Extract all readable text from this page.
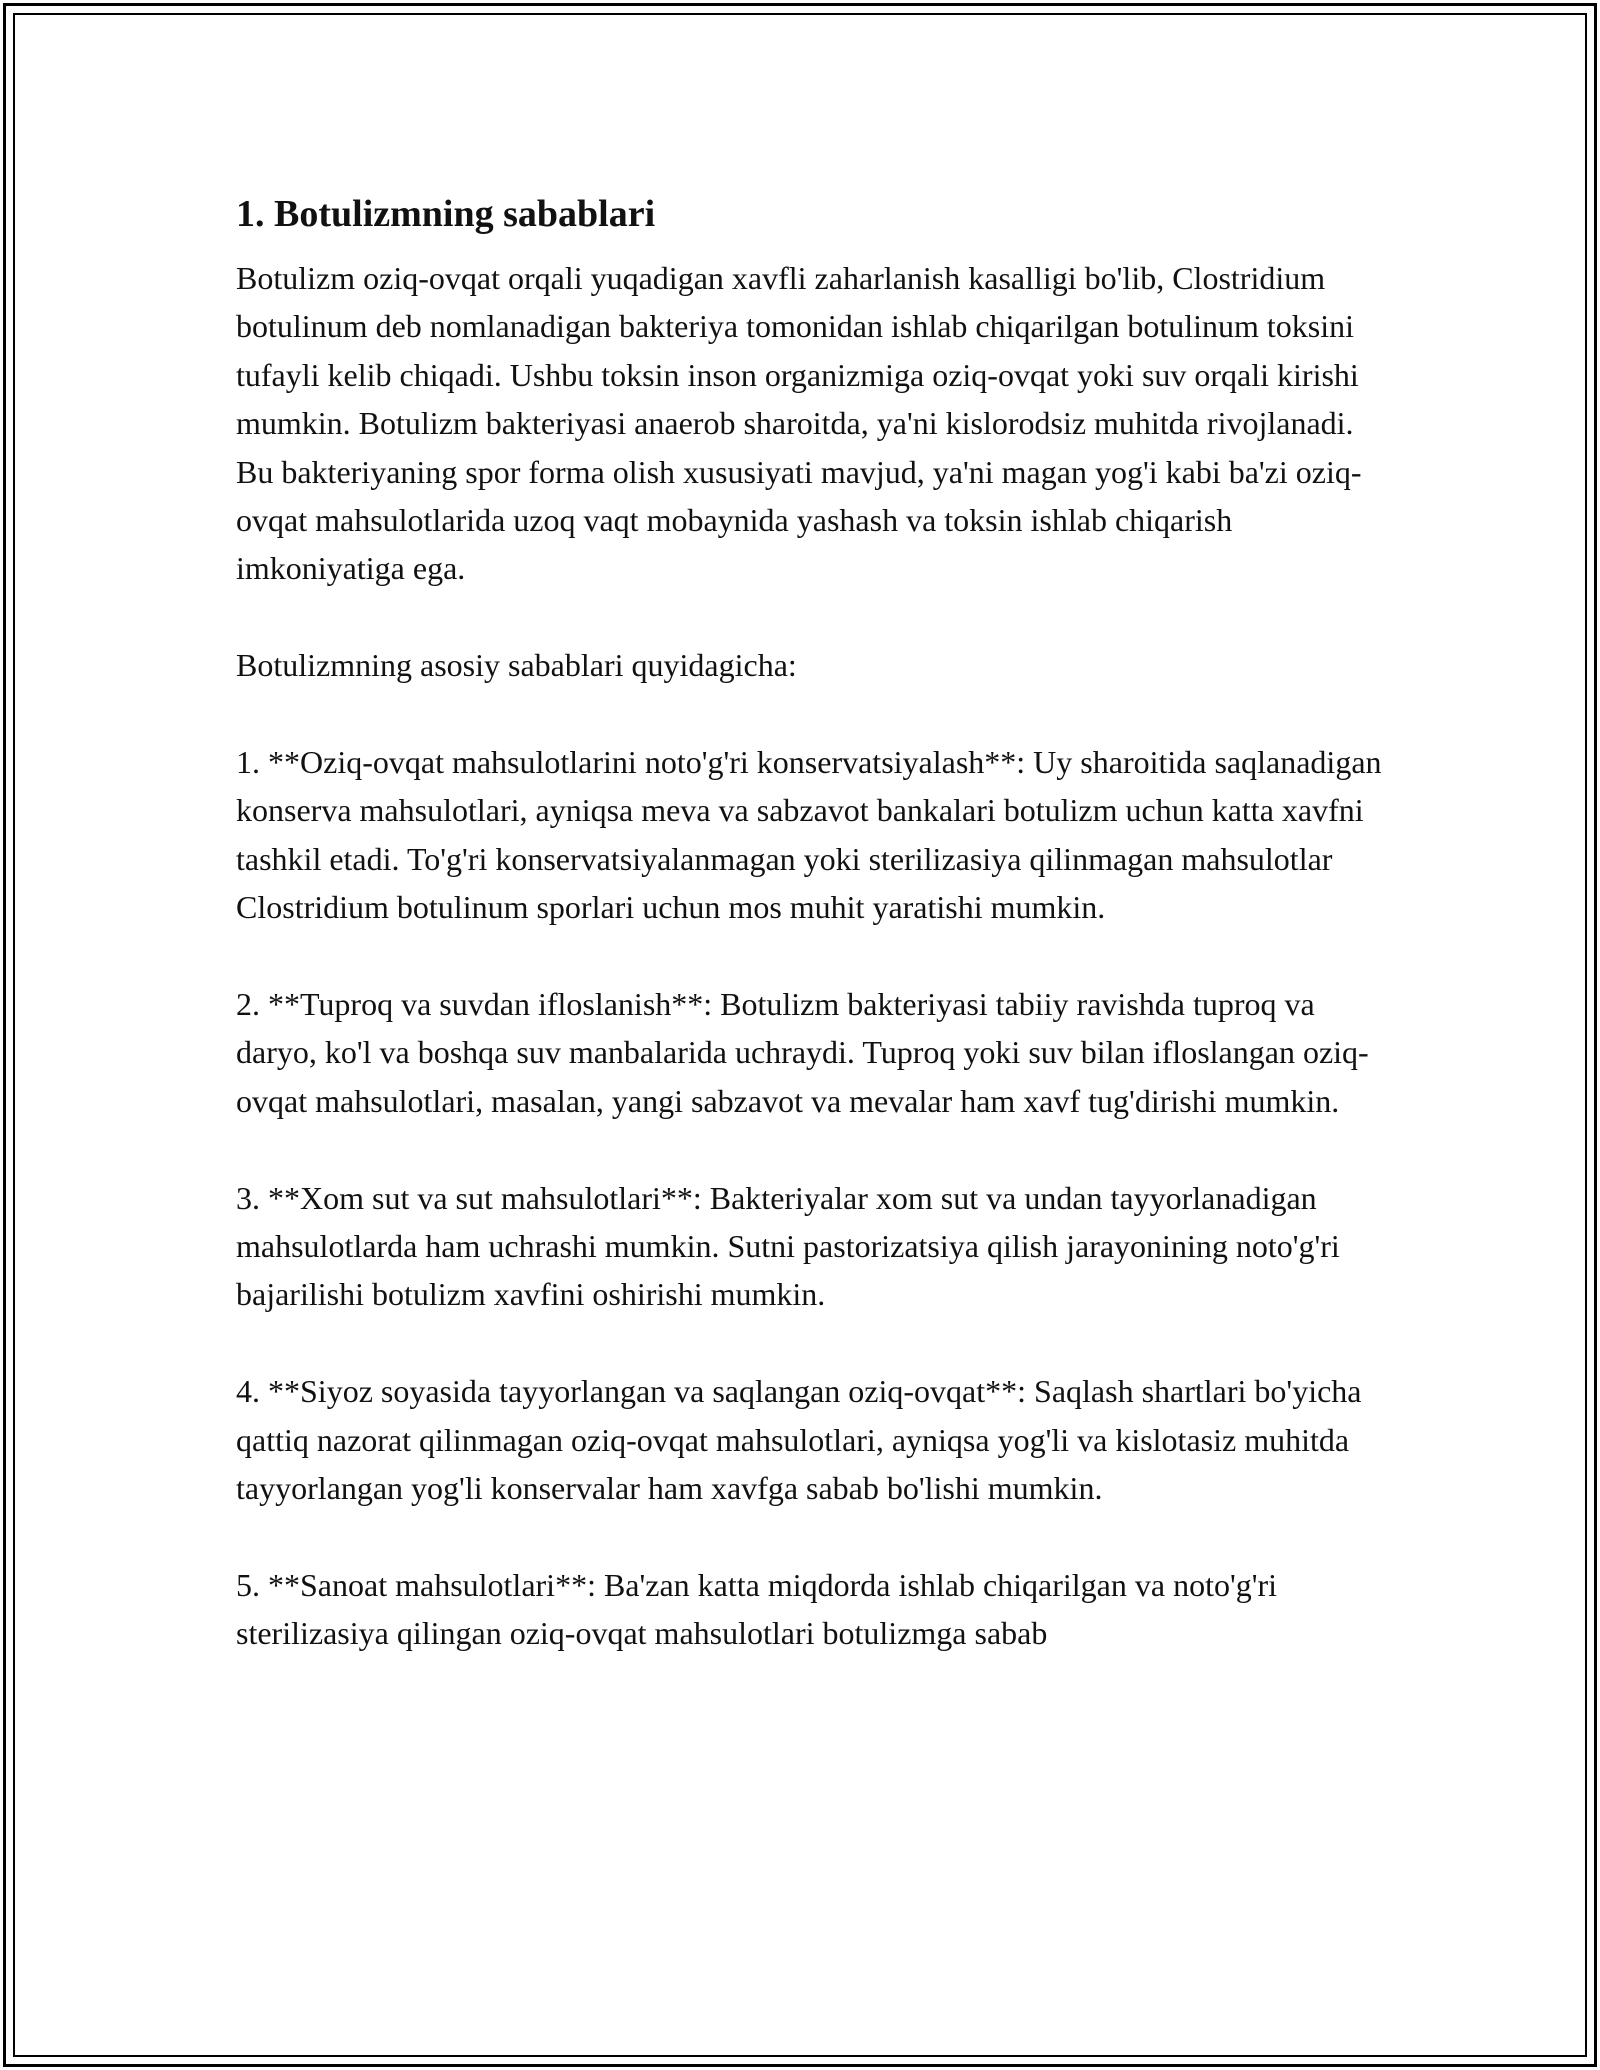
1. Botulizmning sabablari

Botulizm oziq-ovqat orqali yuqadigan xavfli zaharlanish kasalligi bo'lib, Clostridium botulinum deb nomlanadigan bakteriya tomonidan ishlab chiqarilgan botulinum toksini tufayli kelib chiqadi. Ushbu toksin inson organizmiga oziq-ovqat yoki suv orqali kirishi mumkin. Botulizm bakteriyasi anaerob sharoitda, ya'ni kislorodsiz muhitda rivojlanadi. Bu bakteriyaning spor forma olish xususiyati mavjud, ya'ni magan yog'i kabi ba'zi oziq-ovqat mahsulotlarida uzoq vaqt mobaynida yashash va toksin ishlab chiqarish imkoniyatiga ega.

Botulizmning asosiy sabablari quyidagicha:

1. **Oziq-ovqat mahsulotlarini noto'g'ri konservatsiyalash**: Uy sharoitida saqlanadigan konserva mahsulotlari, ayniqsa meva va sabzavot bankalari botulizm uchun katta xavfni tashkil etadi. To'g'ri konservatsiyalanmagan yoki sterilizasiya qilinmagan mahsulotlar Clostridium botulinum sporlari uchun mos muhit yaratishi mumkin.

2. **Tuproq va suvdan ifloslanish**: Botulizm bakteriyasi tabiiy ravishda tuproq va daryo, ko'l va boshqa suv manbalarida uchraydi. Tuproq yoki suv bilan ifloslangan oziq-ovqat mahsulotlari, masalan, yangi sabzavot va mevalar ham xavf tug'dirishi mumkin.

3. **Xom sut va sut mahsulotlari**: Bakteriyalar xom sut va undan tayyorlanadigan mahsulotlarda ham uchrashi mumkin. Sutni pastorizatsiya qilish jarayonining noto'g'ri bajarilishi botulizm xavfini oshirishi mumkin.

4. **Siyoz soyasida tayyorlangan va saqlangan oziq-ovqat**: Saqlash shartlari bo'yicha qattiq nazorat qilinmagan oziq-ovqat mahsulotlari, ayniqsa yog'li va kislotasiz muhitda tayyorlangan yog'li konservalar ham xavfga sabab bo'lishi mumkin.

5. **Sanoat mahsulotlari**: Ba'zan katta miqdorda ishlab chiqarilgan va noto'g'ri sterilizasiya qilingan oziq-ovqat mahsulotlari botulizmga sabab
